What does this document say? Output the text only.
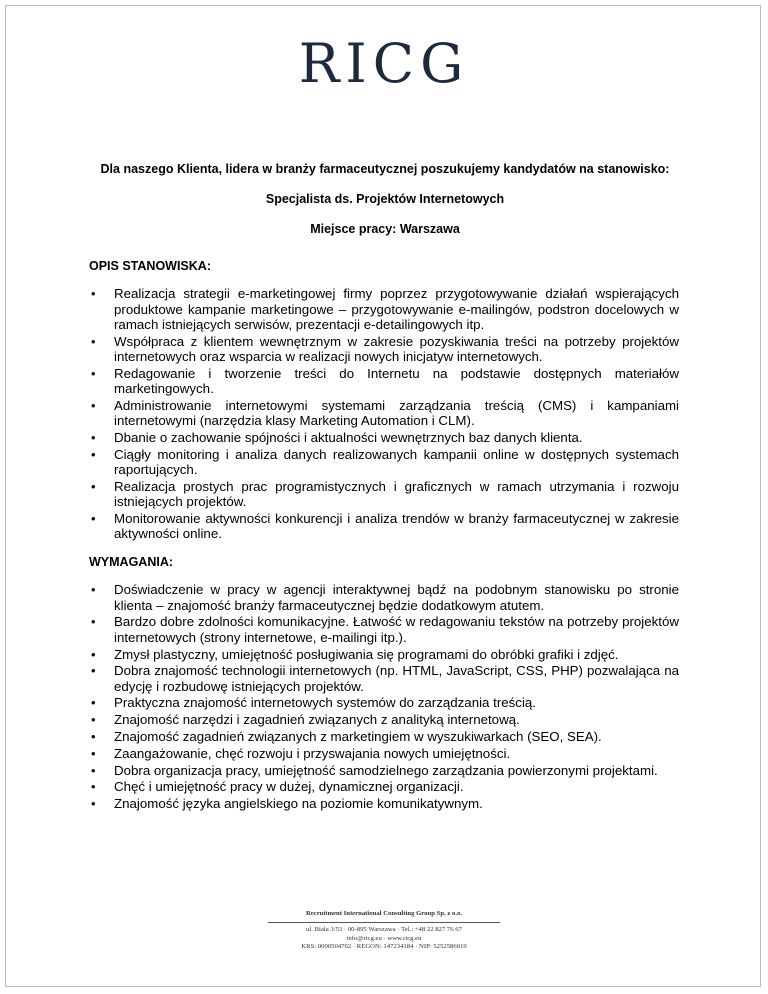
RICG

Dla naszego Klienta, lidera w branży farmaceutycznej poszukujemy kandydatów na stanowisko:

Specjalista ds. Projektów Internetowych

Miejsce pracy: Warszawa

OPIS STANOWISKA:
• Realizacja strategii e-marketingowej firmy poprzez przygotowywanie działań wspierających produktowe kampanie marketingowe – przygotowywanie e-mailingów, podstron docelowych w ramach istniejących serwisów, prezentacji e-detailingowych itp.
• Współpraca z klientem wewnętrznym w zakresie pozyskiwania treści na potrzeby projektów internetowych oraz wsparcia w realizacji nowych inicjatyw internetowych.
• Redagowanie i tworzenie treści do Internetu na podstawie dostępnych materiałów marketingowych.
• Administrowanie internetowymi systemami zarządzania treścią (CMS) i kampaniami internetowymi (narzędzia klasy Marketing Automation i CLM).
• Dbanie o zachowanie spójności i aktualności wewnętrznych baz danych klienta.
• Ciągły monitoring i analiza danych realizowanych kampanii online w dostępnych systemach raportujących.
• Realizacja prostych prac programistycznych i graficznych w ramach utrzymania i rozwoju istniejących projektów.
• Monitorowanie aktywności konkurencji i analiza trendów w branży farmaceutycznej w zakresie aktywności online.
WYMAGANIA:
• Doświadczenie w pracy w agencji interaktywnej bądź na podobnym stanowisku po stronie klienta – znajomość branży farmaceutycznej będzie dodatkowym atutem.
• Bardzo dobre zdolności komunikacyjne. Łatwość w redagowaniu tekstów na potrzeby projektów internetowych (strony internetowe, e-mailingi itp.).
• Zmysł plastyczny, umiejętność posługiwania się programami do obróbki grafiki i zdjęć.
• Dobra znajomość technologii internetowych (np. HTML, JavaScript, CSS, PHP) pozwalająca na edycję i rozbudowę istniejących projektów.
• Praktyczna znajomość internetowych systemów do zarządzania treścią.
• Znajomość narzędzi i zagadnień związanych z analityką internetową.
• Znajomość zagadnień związanych z marketingiem w wyszukiwarkach (SEO, SEA).
• Zaangażowanie, chęć rozwoju i przyswajania nowych umiejętności.
• Dobra organizacja pracy, umiejętność samodzielnego zarządzania powierzonymi projektami.
• Chęć i umiejętność pracy w dużej, dynamicznej organizacji.
• Znajomość języka angielskiego na poziomie komunikatywnym.
Recruitment International Consulting Group Sp. z o.o.
ul. Biała 3/53 · 00-895 Warszawa · Tel.: +48 22 827 76 67
info@ricg.eu · www.ricg.eu
KRS: 0000504702 · REGON: 147234184 · NIP: 5252586019
